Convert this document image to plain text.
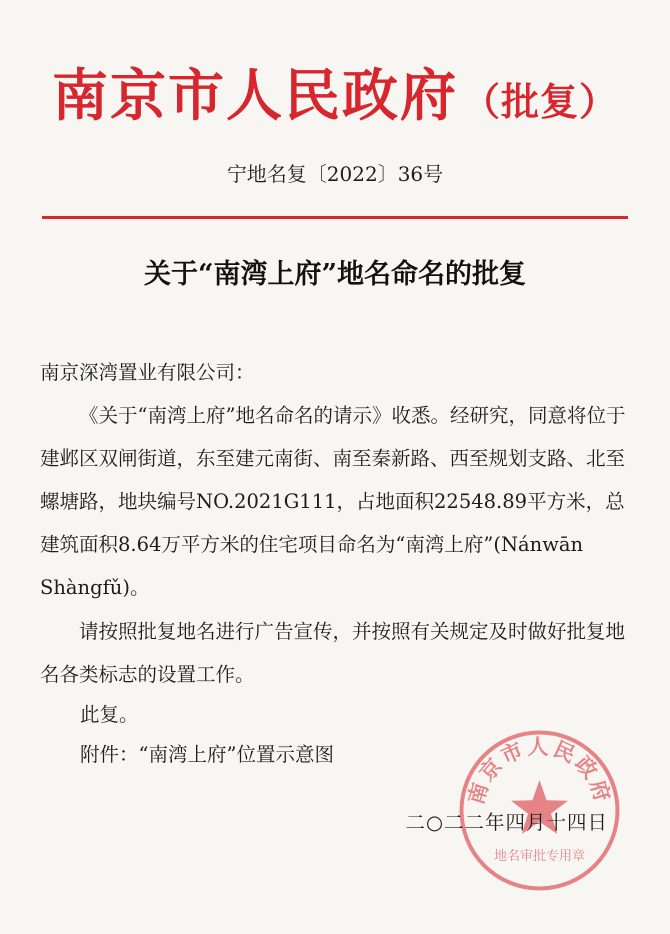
南京市人民政府 （批复）
宁地名复〔2022〕36号
关于“南湾上府”地名命名的批复
南京深湾置业有限公司：
《关于“南湾上府”地名命名的请示》收悉。经研究，同意将位于建邺区双闸街道，东至建元南街、南至秦新路、西至规划支路、北至螺塘路，地块编号NO.2021G111，占地面积22548.89平方米，总建筑面积8.64万平方米的住宅项目命名为“南湾上府”(Nánwān Shàngfǔ)。
请按照批复地名进行广告宣传，并按照有关规定及时做好批复地名各类标志的设置工作。
此复。
附件：“南湾上府”位置示意图
南京市人民政府
地名审批专用章
二○二二年四月十四日
